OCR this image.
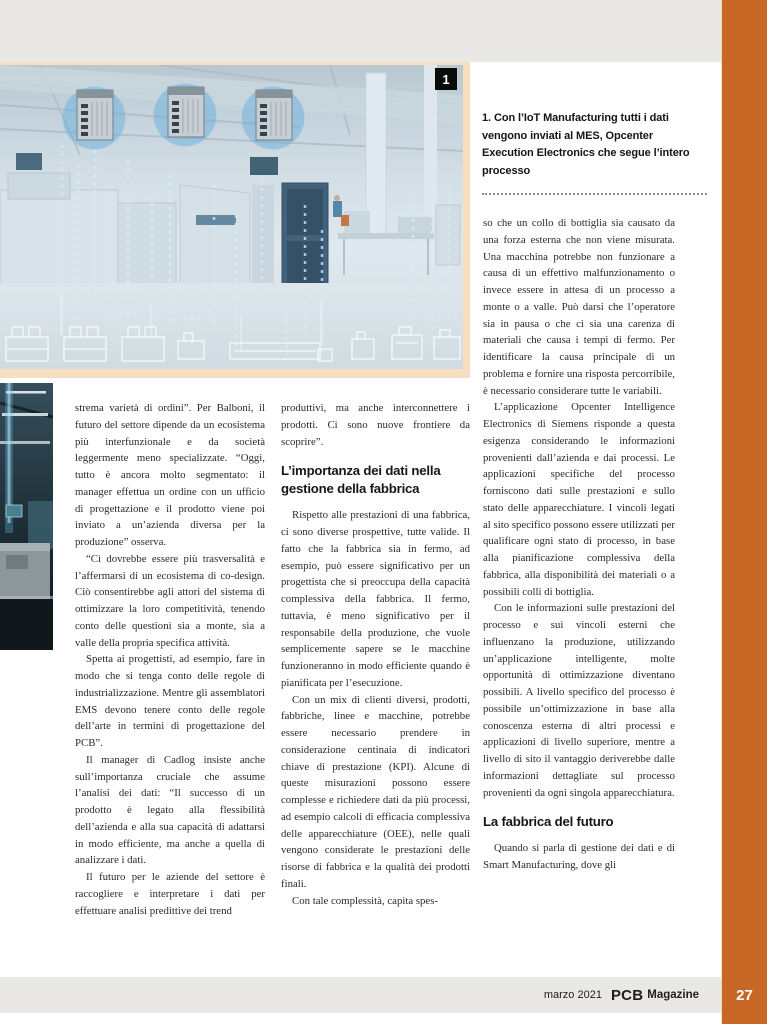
1
1. Con l’IoT Manufacturing tutti i dati vengono inviati al MES, Opcenter Execution Electronics che segue l’intero processo

strema varietà di ordini”. Per Balboni, il futuro del settore dipende da un ecosistema più interfunzionale e da società leggermente meno specializzate. “Oggi, tutto è ancora molto segmentato: il manager effettua un ordine con un ufficio di progettazione e il prodotto viene poi inviato a un’azienda diversa per la produzione” osserva.

“Ci dovrebbe essere più trasversalità e l’affermarsi di un ecosistema di co-design. Ciò consentirebbe agli attori del sistema di ottimizzare la loro competitività, tenendo conto delle questioni sia a monte, sia a valle della propria specifica attività.

Spetta ai progettisti, ad esempio, fare in modo che si tenga conto delle regole di industrializzazione. Mentre gli assemblatori EMS devono tenere conto delle regole dell’arte in termini di progettazione del PCB”.

Il manager di Cadlog insiste anche sull’importanza cruciale che assume l’analisi dei dati: “Il successo di un prodotto è legato alla flessibilità dell’azienda e alla sua capacità di adattarsi in modo efficiente, ma anche a quella di analizzare i dati.

Il futuro per le aziende del settore è raccogliere e interpretare i dati per effettuare analisi predittive dei trend

produttivi, ma anche interconnettere i prodotti. Ci sono nuove frontiere da scoprire”.

L’importanza dei dati nella gestione della fabbrica

Rispetto alle prestazioni di una fabbrica, ci sono diverse prospettive, tutte valide. Il fatto che la fabbrica sia in fermo, ad esempio, può essere significativo per un progettista che si preoccupa della capacità complessiva della fabbrica. Il fermo, tuttavia, è meno significativo per il responsabile della produzione, che vuole semplicemente sapere se le macchine funzioneranno in modo efficiente quando è pianificata per l’esecuzione.

Con un mix di clienti diversi, prodotti, fabbriche, linee e macchine, potrebbe essere necessario prendere in considerazione centinaia di indicatori chiave di prestazione (KPI). Alcune di queste misurazioni possono essere complesse e richiedere dati da più processi, ad esempio calcoli di efficacia complessiva delle apparecchiature (OEE), nelle quali vengono considerate le prestazioni delle risorse di fabbrica e la qualità dei prodotti finali.

Con tale complessità, capita spes-

so che un collo di bottiglia sia causato da una forza esterna che non viene misurata. Una macchina potrebbe non funzionare a causa di un effettivo malfunzionamento o invece essere in attesa di un processo a monte o a valle. Può darsi che l’operatore sia in pausa o che ci sia una carenza di materiali che causa i tempi di fermo. Per identificare la causa principale di un problema e fornire una risposta percorribile, è necessario considerare tutte le variabili.

L’applicazione Opcenter Intelligence Electronics di Siemens risponde a questa esigenza considerando le informazioni provenienti dall’azienda e dai processi. Le applicazioni specifiche del processo forniscono dati sulle prestazioni e sullo stato delle apparecchiature. I vincoli legati al sito specifico possono essere utilizzati per qualificare ogni stato di processo, in base alla pianificazione complessiva della fabbrica, alla disponibilità dei materiali o a possibili colli di bottiglia.

Con le informazioni sulle prestazioni del processo e sui vincoli esterni che influenzano la produzione, utilizzando un’applicazione intelligente, molte opportunità di ottimizzazione diventano possibili. A livello specifico del processo è possibile un’ottimizzazione in base alla conoscenza esterna di altri processi e applicazioni di livello superiore, mentre a livello di sito il vantaggio deriverebbe dalle informazioni dettagliate sul processo provenienti da ogni singola apparecchiatura.

La fabbrica del futuro

Quando si parla di gestione dei dati e di Smart Manufacturing, dove gli

marzo 2021 PCB Magazine	27
